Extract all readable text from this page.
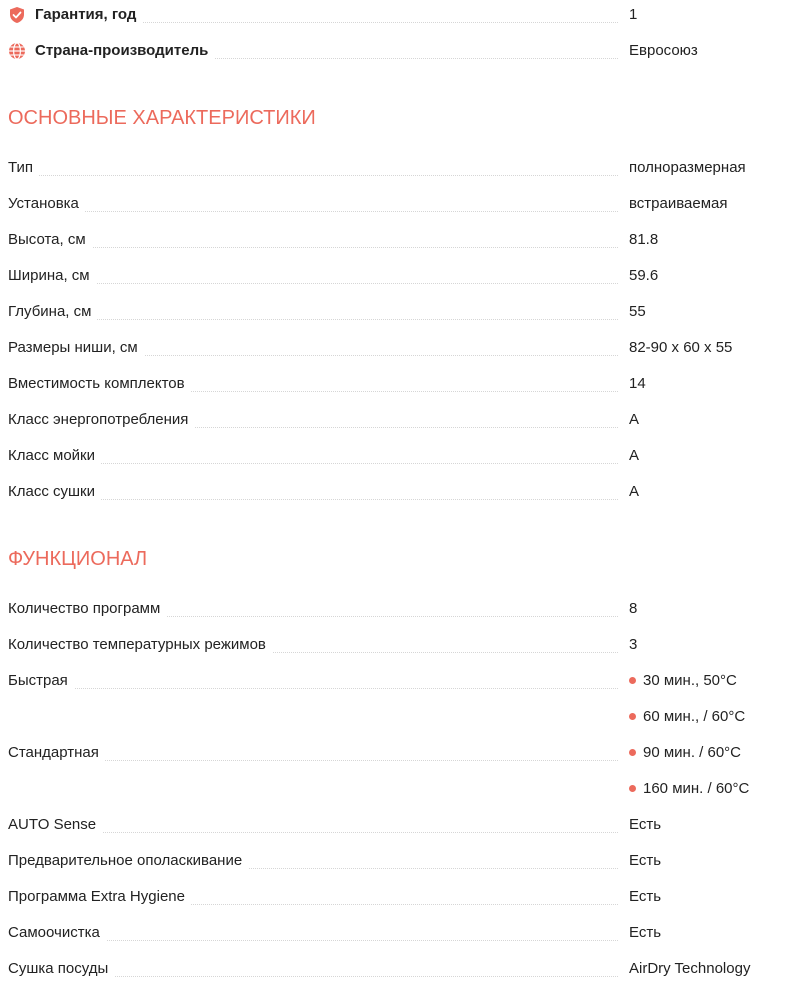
Гарантия, год	1
Страна-производитель	Евросоюз
ОСНОВНЫЕ ХАРАКТЕРИСТИКИ
Тип	полноразмерная
Установка	встраиваемая
Высота, см	81.8
Ширина, см	59.6
Глубина, см	55
Размеры ниши, см	82-90 x 60 x 55
Вместимость комплектов	14
Класс энергопотребления	A
Класс мойки	A
Класс сушки	A
ФУНКЦИОНАЛ
Количество программ	8
Количество температурных режимов	3
Быстрая	30 мин., 50°C
60 мин., / 60°C
Стандартная	90 мин. / 60°C
160 мин. / 60°C
AUTO Sense	Есть
Предварительное ополаскивание	Есть
Программа Extra Hygiene	Есть
Самоочистка	Есть
Сушка посуды	AirDry Technology
